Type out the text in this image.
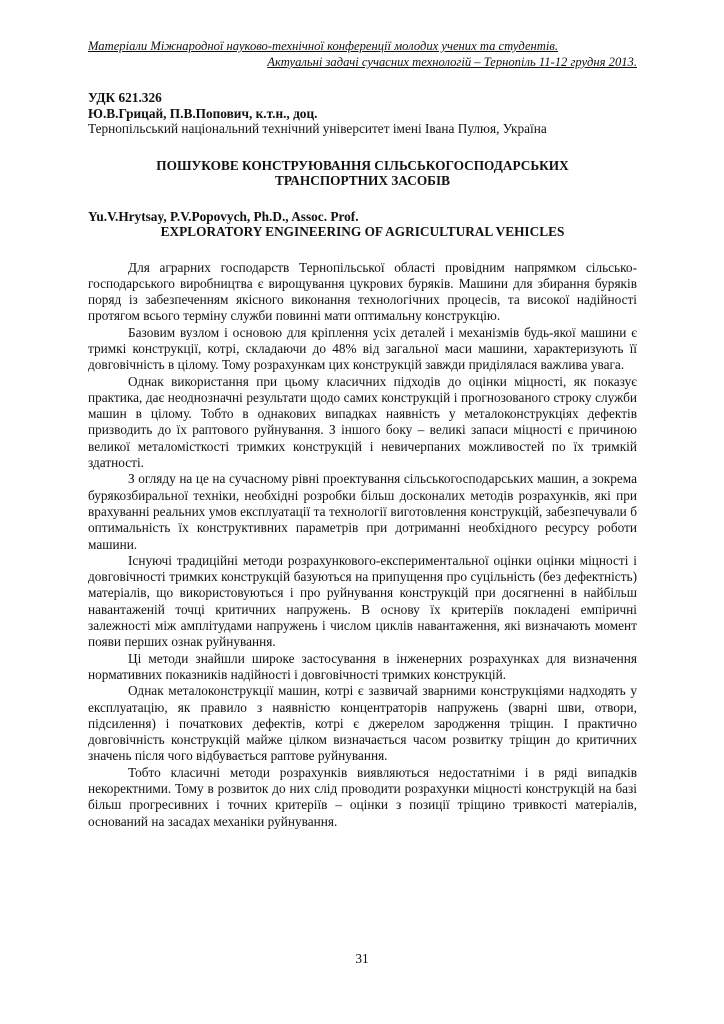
Матеріали Міжнародної науково-технічної конференції молодих учених та студентів.
Актуальні задачі сучасних технологій – Тернопіль 11-12 грудня 2013.
УДК 621.326
Ю.В.Грицай, П.В.Попович, к.т.н., доц.
Тернопільський національний технічний університет імені Івана Пулюя, Україна
ПОШУКОВЕ КОНСТРУЮВАННЯ СІЛЬСЬКОГОСПОДАРСЬКИХ
ТРАНСПОРТНИХ ЗАСОБІВ
Yu.V.Hrytsay, P.V.Popovych, Ph.D., Assoc. Prof.
EXPLORATORY ENGINEERING OF AGRICULTURAL VEHICLES

Для аграрних господарств Тернопільської області провідним напрямком сільськогосподарського виробництва є вирощування цукрових буряків. Машини для збирання буряків поряд із забезпеченням якісного виконання технологічних процесів, та високої надійності протягом всього терміну служби повинні мати оптимальну конструкцію.

Базовим вузлом і основою для кріплення усіх деталей і механізмів будь-якої машини є тримкі конструкції, котрі, складаючи до 48% від загальної маси машини, характеризують її довговічність в цілому. Тому розрахункам цих конструкцій завжди приділялася важлива увага.

Однак використання при цьому класичних підходів до оцінки міцності, як показує практика, дає неоднозначні результати щодо самих конструкцій і прогнозованого строку служби машин в цілому. Тобто в однакових випадках наявність у металоконструкціях дефектів призводить до їх раптового руйнування. З іншого боку – великі запаси міцності є причиною великої металомісткості тримких конструкцій і невичерпаних можливостей по їх тримкій здатності.

З огляду на це на сучасному рівні проектування сільськогосподарських машин, а зокрема бурякозбиральної техніки, необхідні розробки більш досконалих методів розрахунків, які при врахуванні реальних умов експлуатації та технології виготовлення конструкцій, забезпечували б оптимальність їх конструктивних параметрів при дотриманні необхідного ресурсу роботи машини.

Існуючі традиційні методи розрахункового-експериментальної оцінки оцінки міцності і довговічності тримких конструкцій базуються на припущення про суцільність (без дефектність) матеріалів, що використовуються і про руйнування конструкцій при досягненні в найбільш навантаженій точці критичних напружень. В основу їх критеріїв покладені емпіричні залежності між амплітудами напружень і числом циклів навантаження, які визначають момент появи перших ознак руйнування.

Ці методи знайшли широке застосування в інженерних розрахунках для визначення нормативних показників надійності і довговічності тримких конструкцій.

Однак металоконструкції машин, котрі є зазвичай зварними конструкціями надходять у експлуатацію, як правило з наявністю концентраторів напружень (зварні шви, отвори, підсилення) і початкових дефектів, котрі є джерелом зародження тріщин. І практично довговічність конструкцій майже цілком визначається часом розвитку тріщин до критичних значень після чого відбувається раптове руйнування.

Тобто класичні методи розрахунків виявляються недостатніми і в ряді випадків некоректними. Тому в розвиток до них слід проводити розрахунки міцності конструкцій на базі більш прогресивних і точних критеріїв – оцінки з позиції тріщино тривкості матеріалів, оснований на засадах механіки руйнування.

31
